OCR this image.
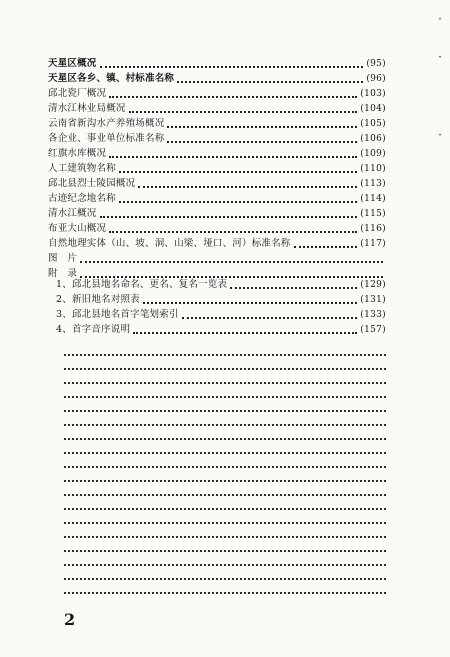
天星区概况	(95)
天星区各乡、镇、村标准名称	(96)
邱北瓷厂概况	(103)
清水江林业局概况	(104)
云南省新沟水产养殖场概况	(105)
各企业、事业单位标准名称	(106)
红旗水库概况	(109)
人工建筑物名称	(110)
邱北县烈士陵园概况	(113)
古迹纪念地名称	(114)
清水江概况	(115)
布亚大山概况	(116)
自然地理实体（山、坡、洞、山梁、垭口、河）标准名称	(117)
图　片
附　录
1、邱北县地名命名、更名、复名一览表	(129)
2、新旧地名对照表	(131)
3、邱北县地名首字笔划索引	(133)
4、首字音序说明	(157)
2
·
·
·
